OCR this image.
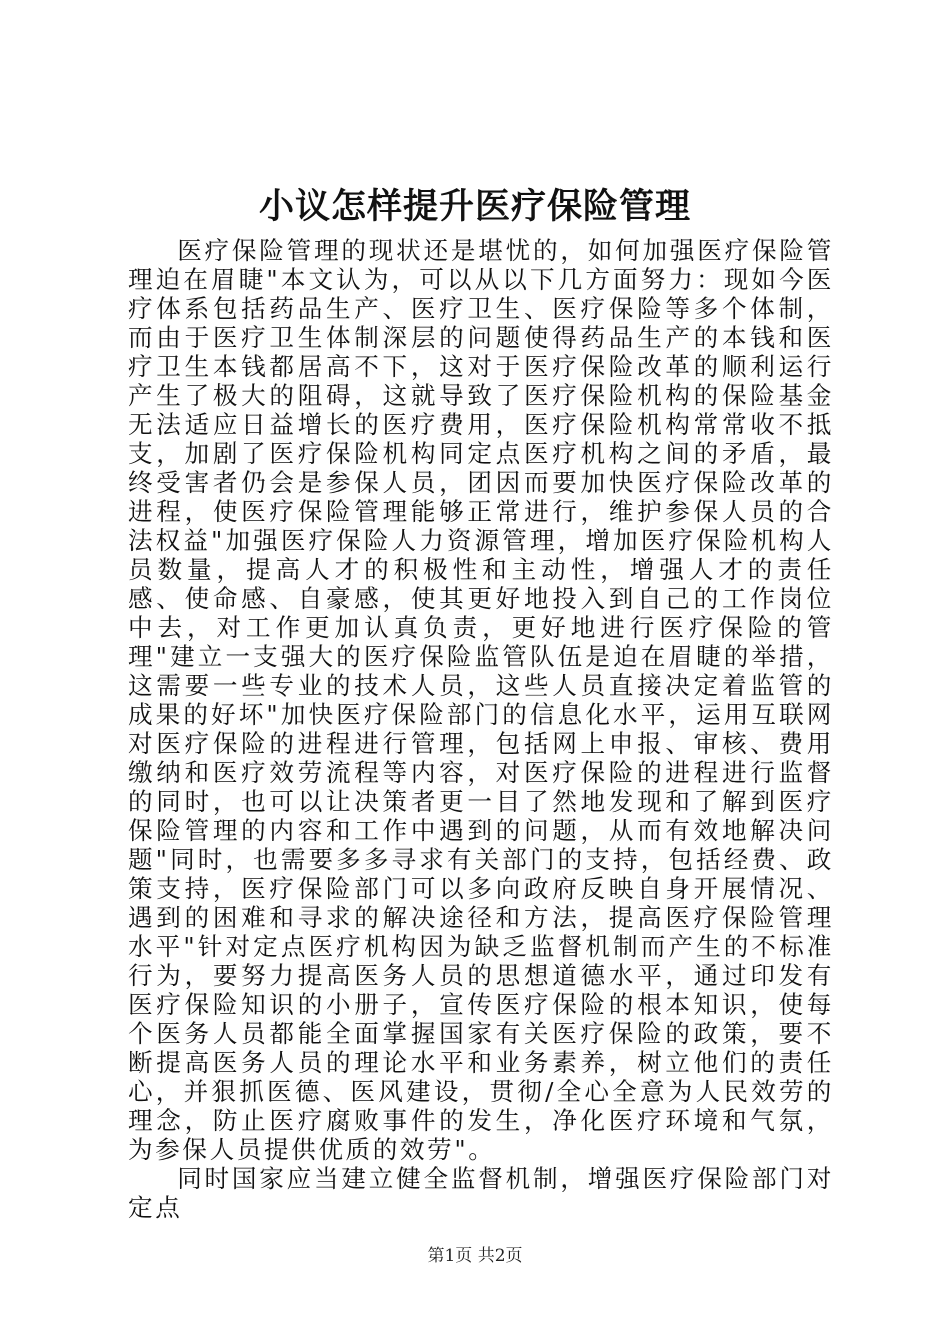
小议怎样提升医疗保险管理

医疗保险管理的现状还是堪忧的，如何加强医疗保险管理迫在眉睫"本文认为，可以从以下几方面努力：现如今医疗体系包括药品生产、医疗卫生、医疗保险等多个体制，而由于医疗卫生体制深层的问题使得药品生产的本钱和医疗卫生本钱都居高不下，这对于医疗保险改革的顺利运行产生了极大的阻碍，这就导致了医疗保险机构的保险基金无法适应日益增长的医疗费用，医疗保险机构常常收不抵支，加剧了医疗保险机构同定点医疗机构之间的矛盾，最终受害者仍会是参保人员，团因而要加快医疗保险改革的进程，使医疗保险管理能够正常进行，维护参保人员的合法权益"加强医疗保险人力资源管理，增加医疗保险机构人员数量，提高人才的积极性和主动性，增强人才的责任感、使命感、自豪感，使其更好地投入到自己的工作岗位中去，对工作更加认真负责，更好地进行医疗保险的管理"建立一支强大的医疗保险监管队伍是迫在眉睫的举措，这需要一些专业的技术人员，这些人员直接决定着监管的成果的好坏"加快医疗保险部门的信息化水平，运用互联网对医疗保险的进程进行管理，包括网上申报、审核、费用缴纳和医疗效劳流程等内容，对医疗保险的进程进行监督的同时，也可以让决策者更一目了然地发现和了解到医疗保险管理的内容和工作中遇到的问题，从而有效地解决问题"同时，也需要多多寻求有关部门的支持，包括经费、政策支持，医疗保险部门可以多向政府反映自身开展情况、遇到的困难和寻求的解决途径和方法，提高医疗保险管理水平"针对定点医疗机构因为缺乏监督机制而产生的不标准行为，要努力提高医务人员的思想道德水平，通过印发有医疗保险知识的小册子，宣传医疗保险的根本知识，使每个医务人员都能全面掌握国家有关医疗保险的政策，要不断提高医务人员的理论水平和业务素养，树立他们的责任心，并狠抓医德、医风建设，贯彻/全心全意为人民效劳的理念，防止医疗腐败事件的发生，净化医疗环境和气氛，为参保人员提供优质的效劳"。

同时国家应当建立健全监督机制，增强医疗保险部门对定点

第1页 共2页
